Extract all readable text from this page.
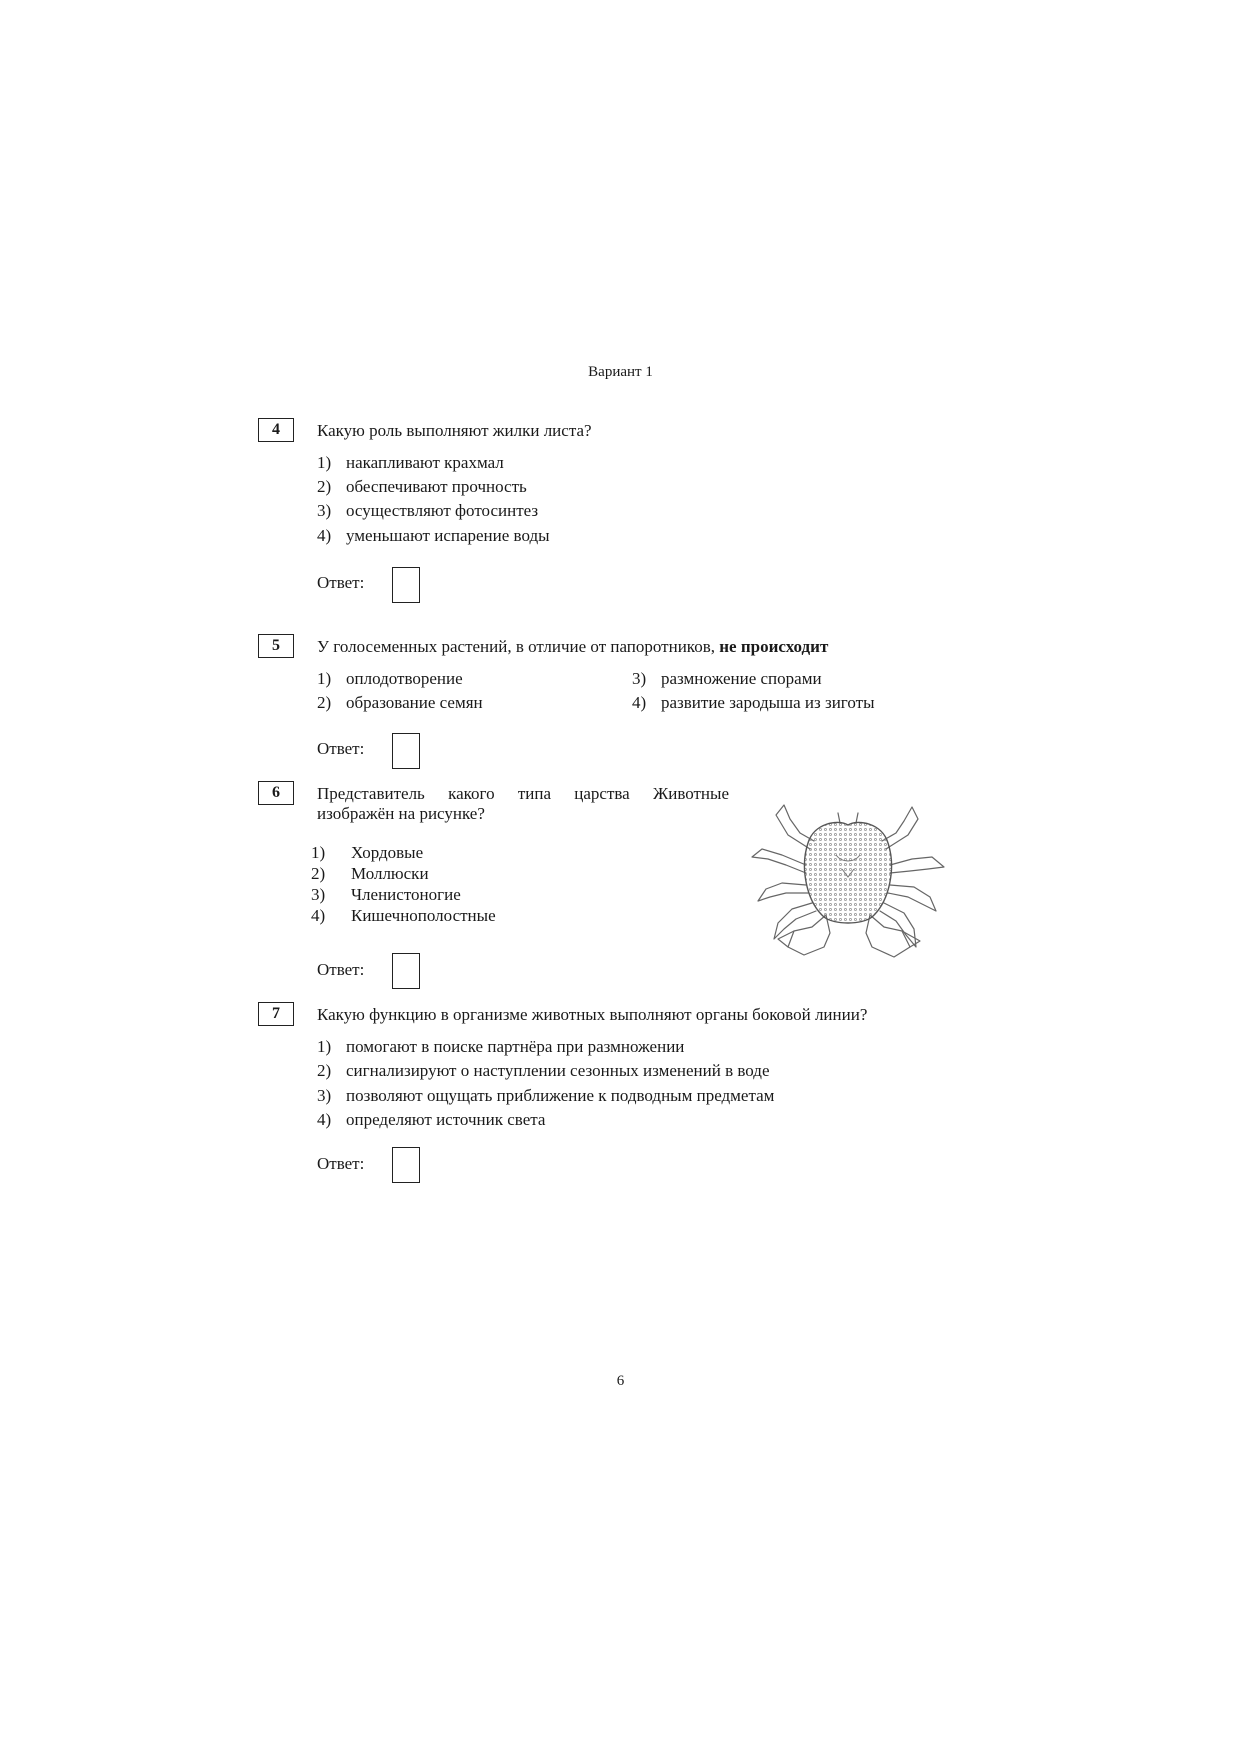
Вариант 1
4	Какую роль выполняют жилки листа?
1) накапливают крахмал
2) обеспечивают прочность
3) осуществляют фотосинтез
4) уменьшают испарение воды
Ответ:
5	У голосеменных растений, в отличие от папоротников, не происходит
1) оплодотворение
2) образование семян
3) размножение спорами
4) развитие зародыша из зиготы
Ответ:
6	Представитель какого типа царства Животные изображён на рисунке?
1) Хордовые
2) Моллюски
3) Членистоногие
4) Кишечнополостные
Ответ:
7	Какую функцию в организме животных выполняют органы боковой линии?
1) помогают в поиске партнёра при размножении
2) сигнализируют о наступлении сезонных изменений в воде
3) позволяют ощущать приближение к подводным предметам
4) определяют источник света
Ответ:
6
